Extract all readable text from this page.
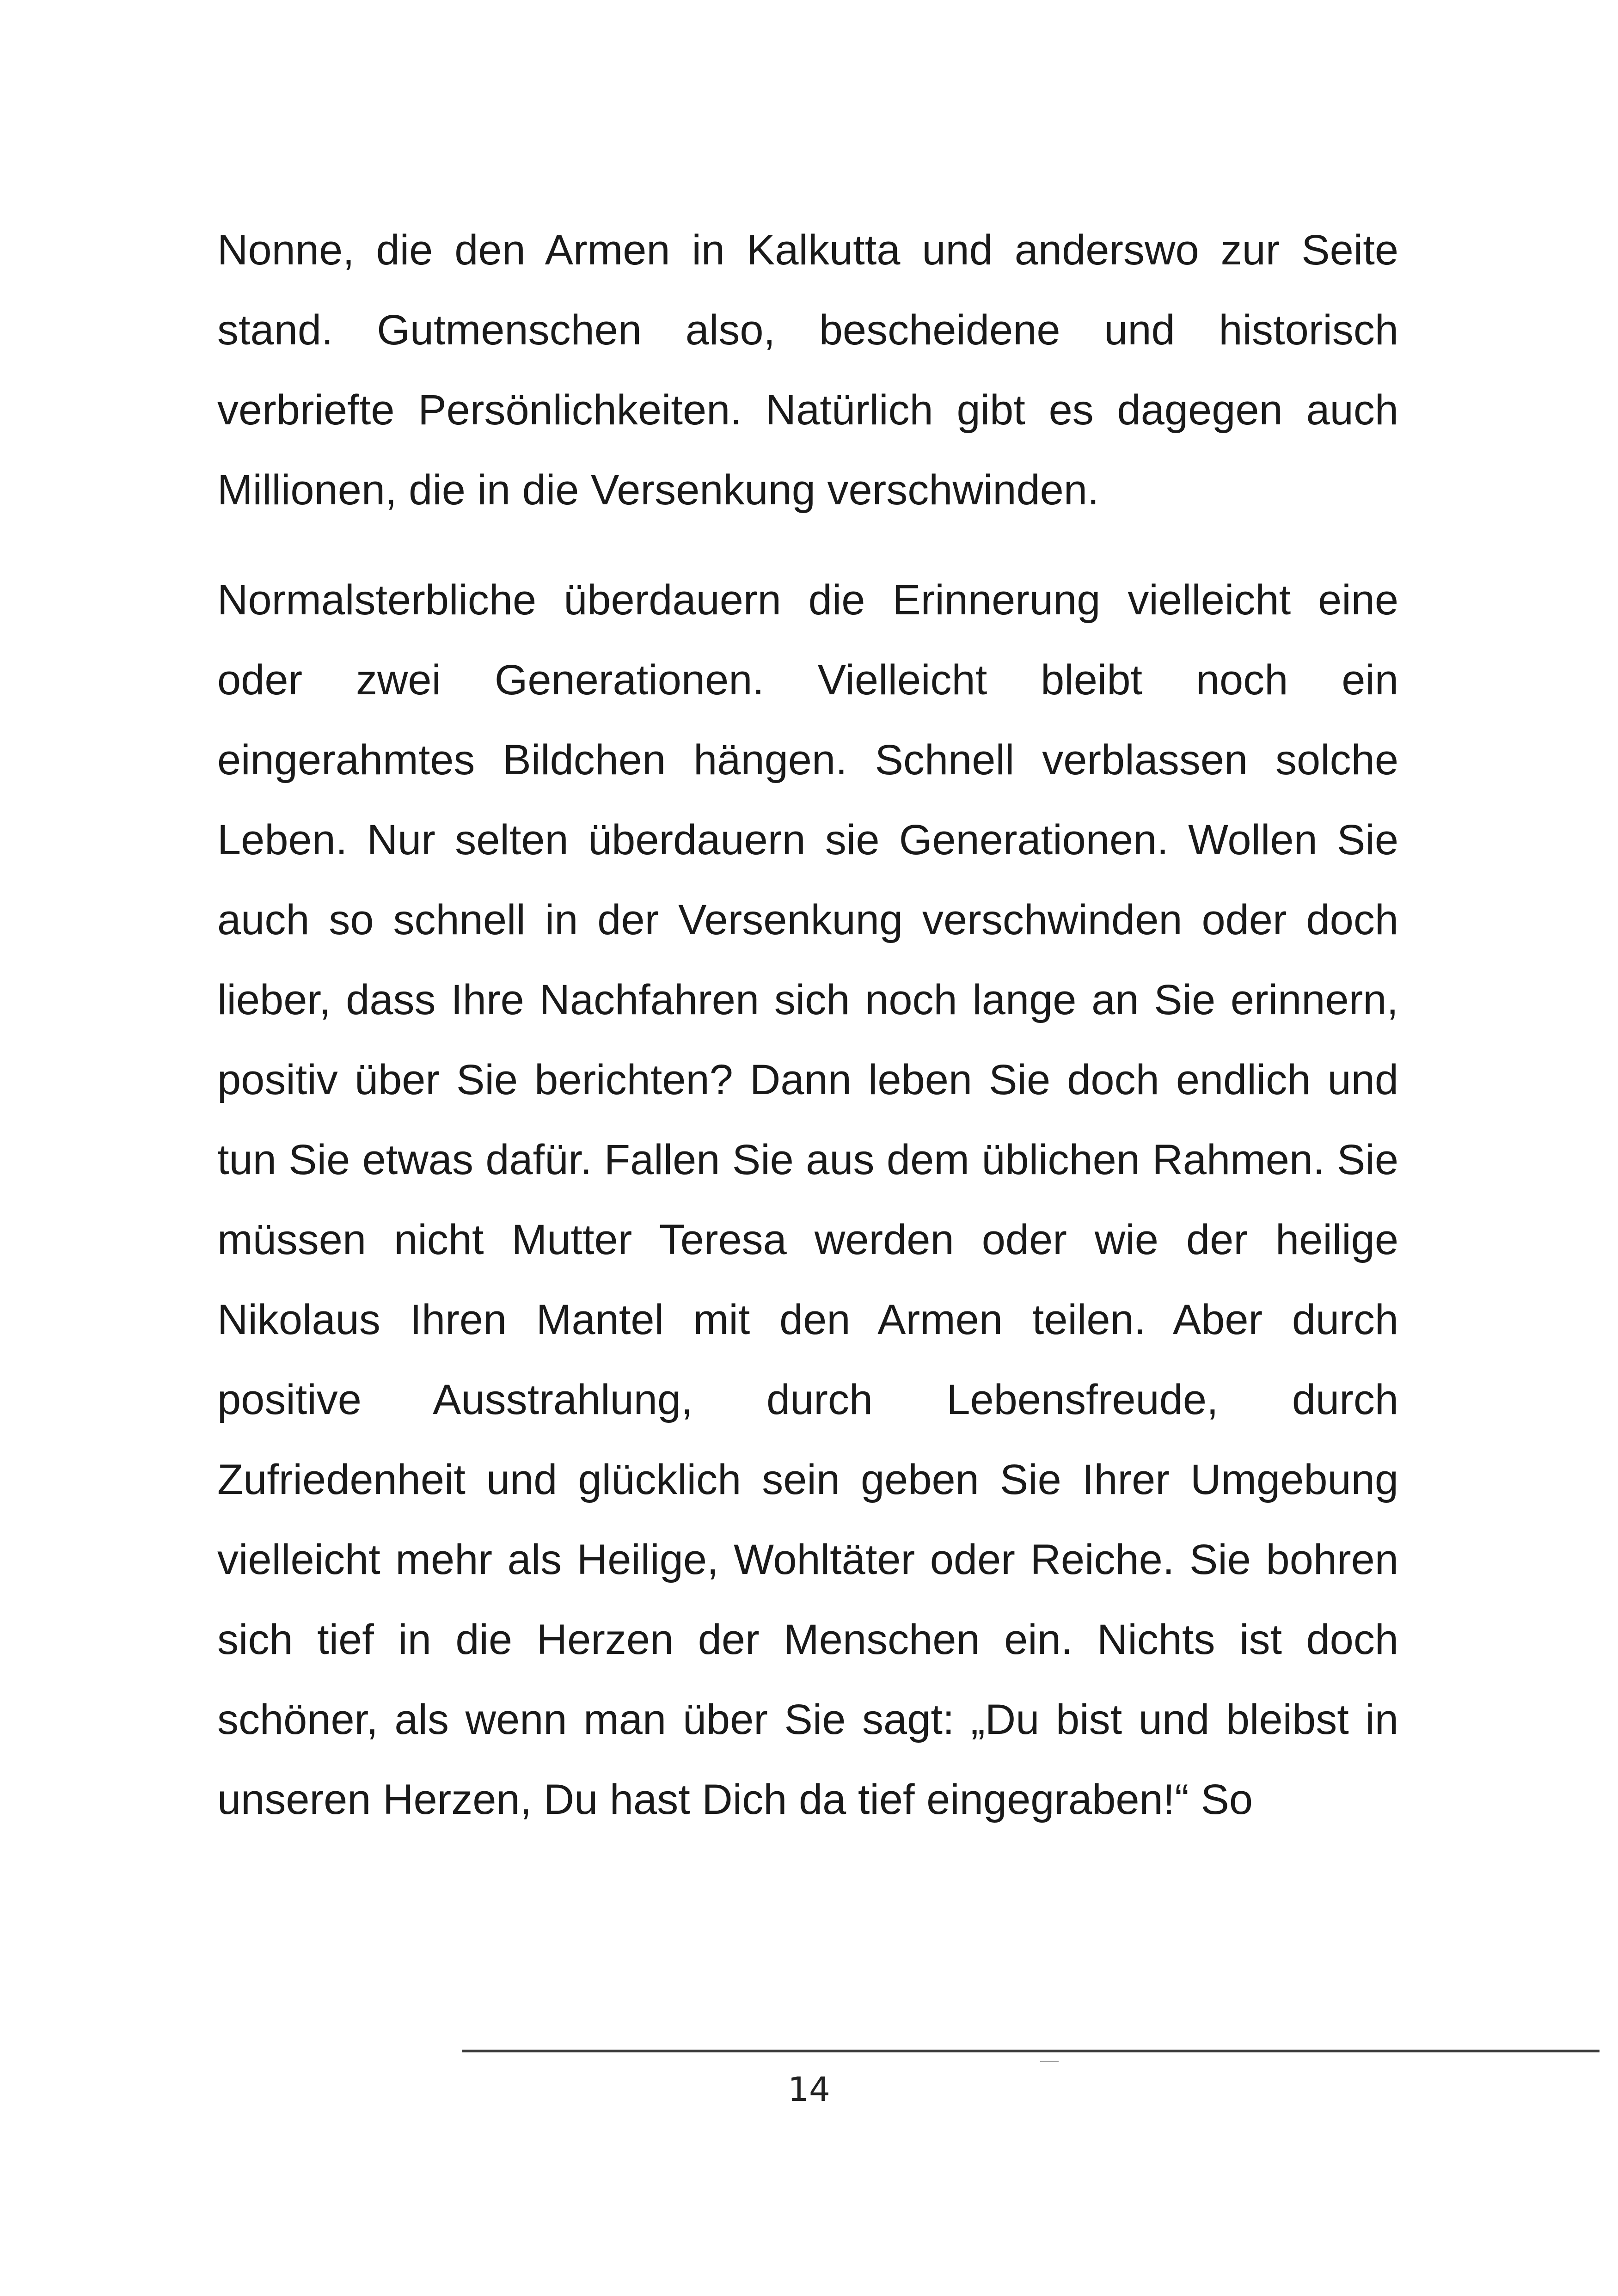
Nonne, die den Armen in Kalkutta und anderswo zur Seite stand. Gutmenschen also, bescheidene und historisch verbriefte Persönlichkeiten. Natürlich gibt es dagegen auch Millionen, die in die Versenkung verschwinden.

Normalsterbliche überdauern die Erinnerung vielleicht eine oder zwei Generationen. Vielleicht bleibt noch ein eingerahmtes Bildchen hängen. Schnell verblassen solche Leben. Nur selten überdauern sie Generationen. Wollen Sie auch so schnell in der Versenkung verschwinden oder doch lieber, dass Ihre Nachfahren sich noch lange an Sie erinnern, positiv über Sie berichten? Dann leben Sie doch endlich und tun Sie etwas dafür. Fallen Sie aus dem üblichen Rahmen. Sie müssen nicht Mutter Teresa werden oder wie der heilige Nikolaus Ihren Mantel mit den Armen teilen. Aber durch positive Ausstrahlung, durch Lebensfreude, durch Zufriedenheit und glücklich sein geben Sie Ihrer Umgebung vielleicht mehr als Heilige, Wohltäter oder Reiche. Sie bohren sich tief in die Herzen der Menschen ein. Nichts ist doch schöner, als wenn man über Sie sagt: „Du bist und bleibst in unseren Herzen, Du hast Dich da tief eingegraben!“ So

14
